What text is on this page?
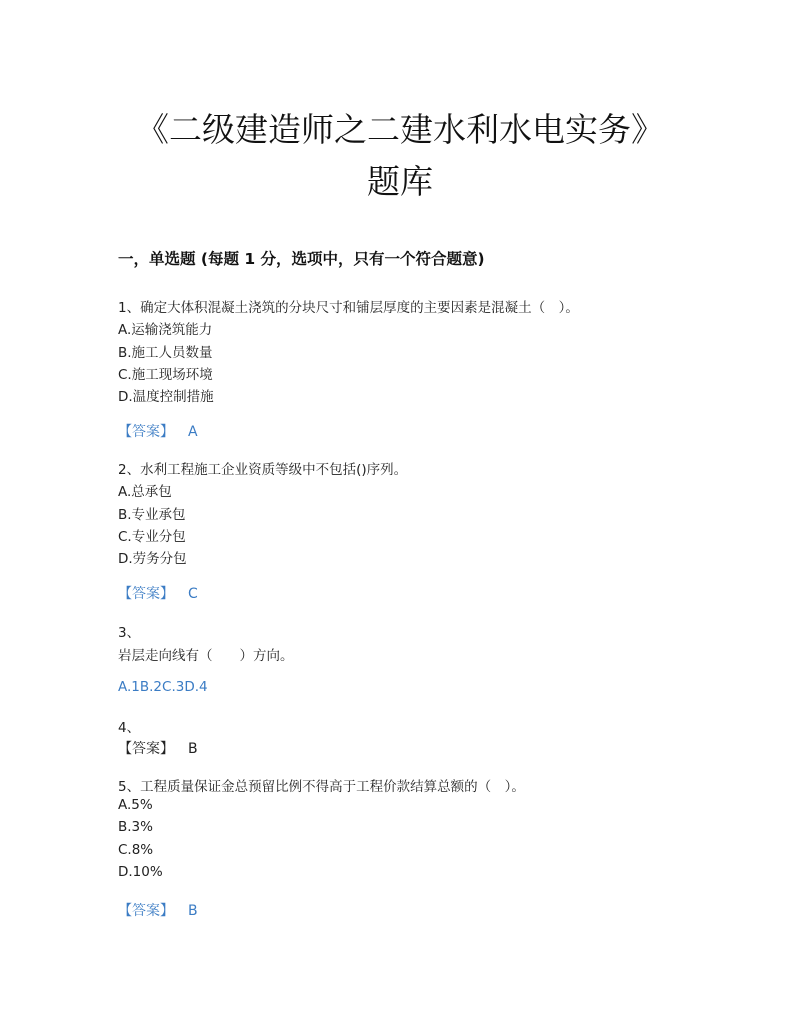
《二级建造师之二建水利水电实务》
题库
一，单选题 (每题 1 分，选项中，只有一个符合题意)
1、确定大体积混凝土浇筑的分块尺寸和铺层厚度的主要因素是混凝土（　）。
A.运输浇筑能力
B.施工人员数量
C.施工现场环境
D.温度控制措施
【答案】 A
2、水利工程施工企业资质等级中不包括()序列。
A.总承包
B.专业承包
C.专业分包
D.劳务分包
【答案】 C
3、
岩层走向线有（　　）方向。
A.1B.2C.3D.4
4、
【答案】 B
5、工程质量保证金总预留比例不得高于工程价款结算总额的（　）。
A.5%
B.3%
C.8%
D.10%
【答案】 B
